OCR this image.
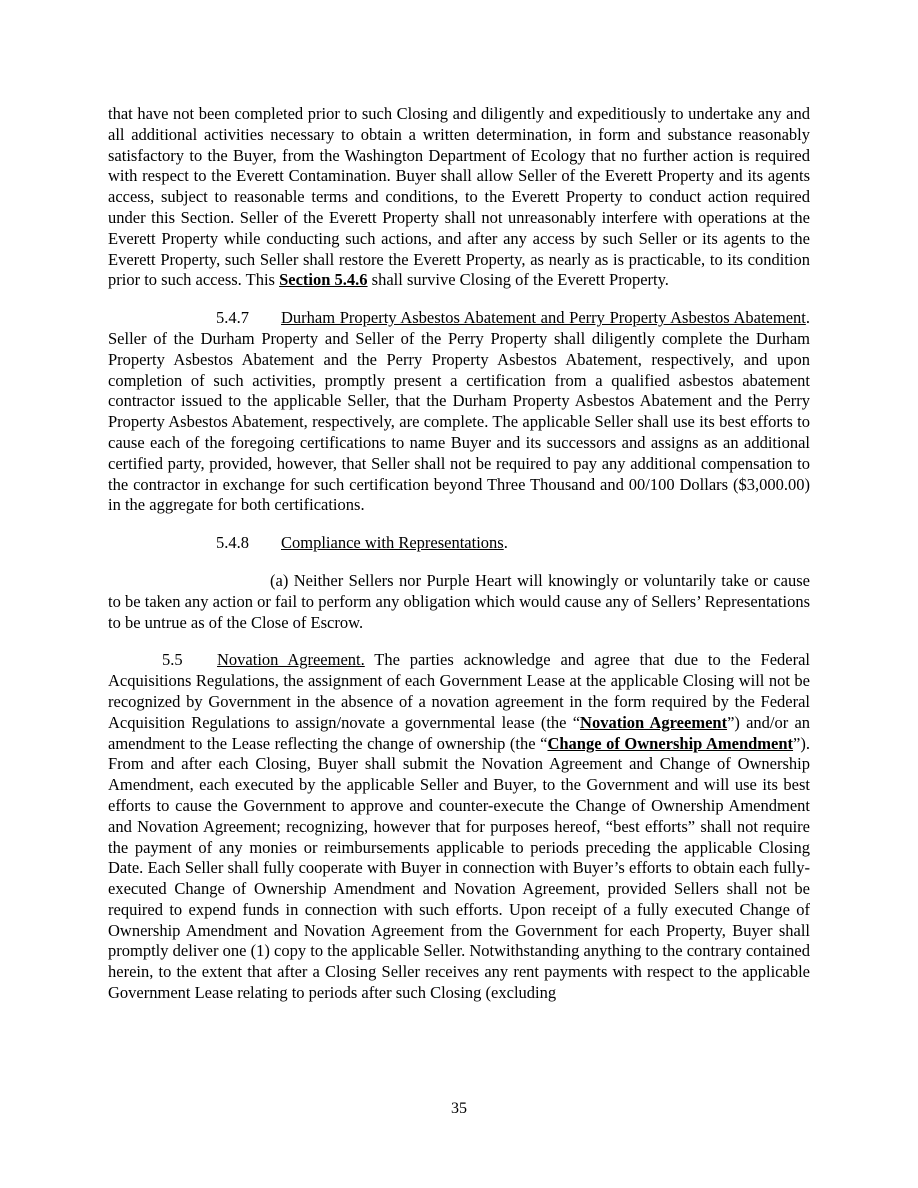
that have not been completed prior to such Closing and diligently and expeditiously to undertake any and all additional activities necessary to obtain a written determination, in form and substance reasonably satisfactory to the Buyer, from the Washington Department of Ecology that no further action is required with respect to the Everett Contamination. Buyer shall allow Seller of the Everett Property and its agents access, subject to reasonable terms and conditions, to the Everett Property to conduct action required under this Section. Seller of the Everett Property shall not unreasonably interfere with operations at the Everett Property while conducting such actions, and after any access by such Seller or its agents to the Everett Property, such Seller shall restore the Everett Property, as nearly as is practicable, to its condition prior to such access. This Section 5.4.6 shall survive Closing of the Everett Property.

5.4.7 Durham Property Asbestos Abatement and Perry Property Asbestos Abatement. Seller of the Durham Property and Seller of the Perry Property shall diligently complete the Durham Property Asbestos Abatement and the Perry Property Asbestos Abatement, respectively, and upon completion of such activities, promptly present a certification from a qualified asbestos abatement contractor issued to the applicable Seller, that the Durham Property Asbestos Abatement and the Perry Property Asbestos Abatement, respectively, are complete. The applicable Seller shall use its best efforts to cause each of the foregoing certifications to name Buyer and its successors and assigns as an additional certified party, provided, however, that Seller shall not be required to pay any additional compensation to the contractor in exchange for such certification beyond Three Thousand and 00/100 Dollars ($3,000.00) in the aggregate for both certifications.

5.4.8 Compliance with Representations.

(a) Neither Sellers nor Purple Heart will knowingly or voluntarily take or cause to be taken any action or fail to perform any obligation which would cause any of Sellers’ Representations to be untrue as of the Close of Escrow.

5.5 Novation Agreement. The parties acknowledge and agree that due to the Federal Acquisitions Regulations, the assignment of each Government Lease at the applicable Closing will not be recognized by Government in the absence of a novation agreement in the form required by the Federal Acquisition Regulations to assign/novate a governmental lease (the “Novation Agreement”) and/or an amendment to the Lease reflecting the change of ownership (the “Change of Ownership Amendment”). From and after each Closing, Buyer shall submit the Novation Agreement and Change of Ownership Amendment, each executed by the applicable Seller and Buyer, to the Government and will use its best efforts to cause the Government to approve and counter-execute the Change of Ownership Amendment and Novation Agreement; recognizing, however that for purposes hereof, “best efforts” shall not require the payment of any monies or reimbursements applicable to periods preceding the applicable Closing Date. Each Seller shall fully cooperate with Buyer in connection with Buyer’s efforts to obtain each fully-executed Change of Ownership Amendment and Novation Agreement, provided Sellers shall not be required to expend funds in connection with such efforts. Upon receipt of a fully executed Change of Ownership Amendment and Novation Agreement from the Government for each Property, Buyer shall promptly deliver one (1) copy to the applicable Seller. Notwithstanding anything to the contrary contained herein, to the extent that after a Closing Seller receives any rent payments with respect to the applicable Government Lease relating to periods after such Closing (excluding

35
